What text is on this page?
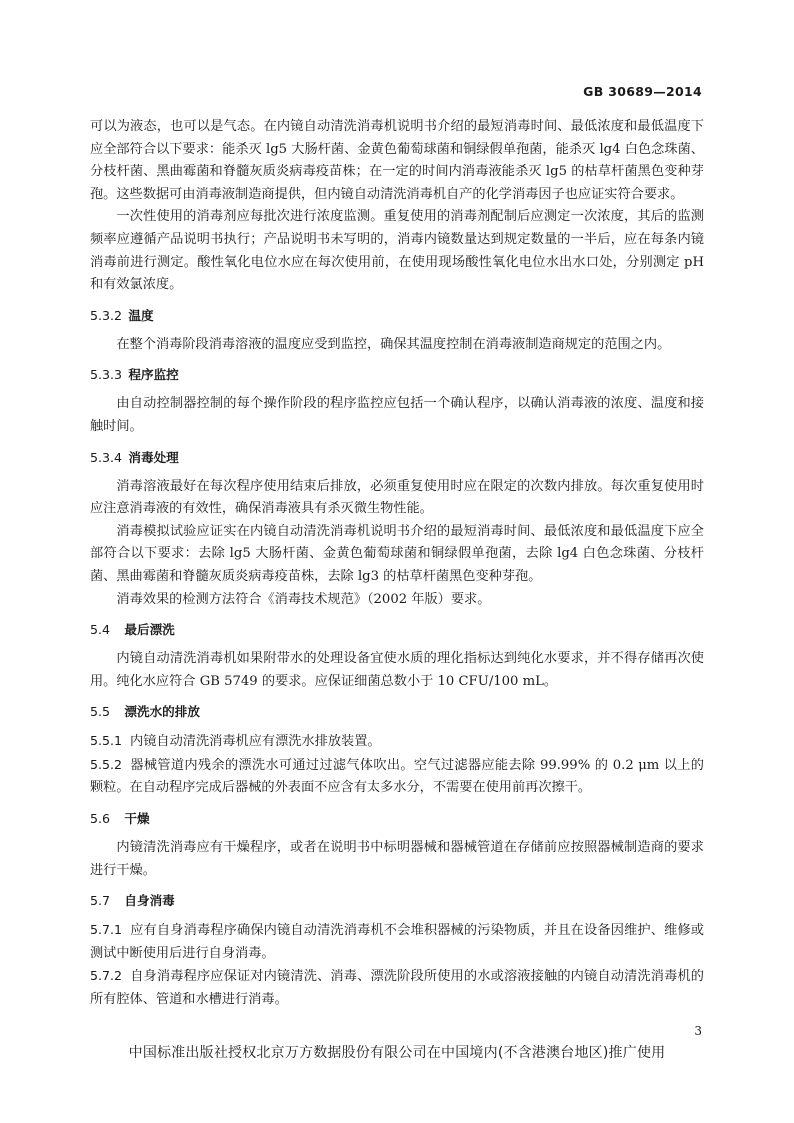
GB 30689—2014

可以为液态，也可以是气态。在内镜自动清洗消毒机说明书介绍的最短消毒时间、最低浓度和最低温度下应全部符合以下要求：能杀灭 lg5 大肠杆菌、金黄色葡萄球菌和铜绿假单孢菌，能杀灭 lg4 白色念珠菌、分枝杆菌、黑曲霉菌和脊髓灰质炎病毒疫苗株；在一定的时间内消毒液能杀灭 lg5 的枯草杆菌黑色变种芽孢。这些数据可由消毒液制造商提供，但内镜自动清洗消毒机自产的化学消毒因子也应证实符合要求。

一次性使用的消毒剂应每批次进行浓度监测。重复使用的消毒剂配制后应测定一次浓度，其后的监测频率应遵循产品说明书执行；产品说明书未写明的，消毒内镜数量达到规定数量的一半后，应在每条内镜消毒前进行测定。酸性氧化电位水应在每次使用前，在使用现场酸性氧化电位水出水口处，分别测定 pH 和有效氯浓度。

5.3.2 温度

在整个消毒阶段消毒溶液的温度应受到监控，确保其温度控制在消毒液制造商规定的范围之内。

5.3.3 程序监控

由自动控制器控制的每个操作阶段的程序监控应包括一个确认程序，以确认消毒液的浓度、温度和接触时间。

5.3.4 消毒处理

消毒溶液最好在每次程序使用结束后排放，必须重复使用时应在限定的次数内排放。每次重复使用时应注意消毒液的有效性，确保消毒液具有杀灭微生物性能。

消毒模拟试验应证实在内镜自动清洗消毒机说明书介绍的最短消毒时间、最低浓度和最低温度下应全部符合以下要求：去除 lg5 大肠杆菌、金黄色葡萄球菌和铜绿假单孢菌，去除 lg4 白色念珠菌、分枝杆菌、黑曲霉菌和脊髓灰质炎病毒疫苗株，去除 lg3 的枯草杆菌黑色变种芽孢。

消毒效果的检测方法符合《消毒技术规范》（2002 年版）要求。

5.4 最后漂洗

内镜自动清洗消毒机如果附带水的处理设备宜使水质的理化指标达到纯化水要求，并不得存储再次使用。纯化水应符合 GB 5749 的要求。应保证细菌总数小于 10 CFU/100 mL。

5.5 漂洗水的排放

5.5.1 内镜自动清洗消毒机应有漂洗水排放装置。

5.5.2 器械管道内残余的漂洗水可通过过滤气体吹出。空气过滤器应能去除 99.99% 的 0.2 μm 以上的颗粒。在自动程序完成后器械的外表面不应含有太多水分，不需要在使用前再次擦干。

5.6 干燥

内镜清洗消毒应有干燥程序，或者在说明书中标明器械和器械管道在存储前应按照器械制造商的要求进行干燥。

5.7 自身消毒

5.7.1 应有自身消毒程序确保内镜自动清洗消毒机不会堆积器械的污染物质，并且在设备因维护、维修或测试中断使用后进行自身消毒。

5.7.2 自身消毒程序应保证对内镜清洗、消毒、漂洗阶段所使用的水或溶液接触的内镜自动清洗消毒机的所有腔体、管道和水槽进行消毒。

3
中国标准出版社授权北京万方数据股份有限公司在中国境内(不含港澳台地区)推广使用
